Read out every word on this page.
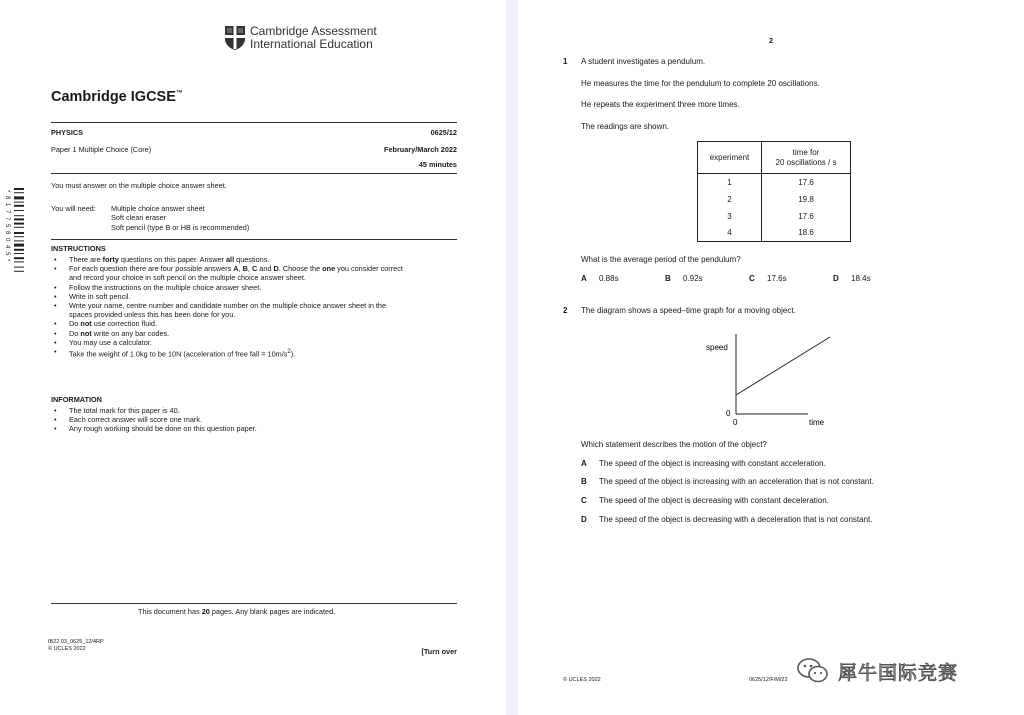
Cambridge Assessment
International Education
Cambridge IGCSE™
PHYSICS	0625/12
Paper 1 Multiple Choice (Core)	February/March 2022
45 minutes
* 8 1 7 7 5 8 0 4 5 *
You must answer on the multiple choice answer sheet.
You will need: Multiple choice answer sheet
Soft clean eraser
Soft pencil (type B or HB is recommended)
INSTRUCTIONS
• There are forty questions on this paper. Answer all questions.
• For each question there are four possible answers A, B, C and D. Choose the one you consider correct
and record your choice in soft pencil on the multiple choice answer sheet.
• Follow the instructions on the multiple choice answer sheet.
• Write in soft pencil.
• Write your name, centre number and candidate number on the multiple choice answer sheet in the
spaces provided unless this has been done for you.
• Do not use correction fluid.
• Do not write on any bar codes.
• You may use a calculator.
• Take the weight of 1.0kg to be 10N (acceleration of free fall = $10m/s^2$).
INFORMATION
• The total mark for this paper is 40.
• Each correct answer will score one mark.
• Any rough working should be done on this question paper.
This document has 20 pages. Any blank pages are indicated.
IB22 03_0625_12/4RP
© UCLES 2022	[Turn over
2
1 A student investigates a pendulum.
He measures the time for the pendulum to complete 20 oscillations.
He repeats the experiment three more times.
The readings are shown.
experiment	time for
20 oscillations / s

1	17.6
2	19.8
3	17.6
4	18.6
What is the average period of the pendulum?
A 0.88s	B 0.92s	C 17.6s	D 18.4s
2 The diagram shows a speed–time graph for a moving object.
speed
0
0	time
Which statement describes the motion of the object?
A The speed of the object is increasing with constant acceleration.
B The speed of the object is increasing with an acceleration that is not constant.
C The speed of the object is decreasing with constant deceleration.
D The speed of the object is decreasing with a deceleration that is not constant.
© UCLES 2022	0625/12/F/M/22	犀牛国际竞赛
